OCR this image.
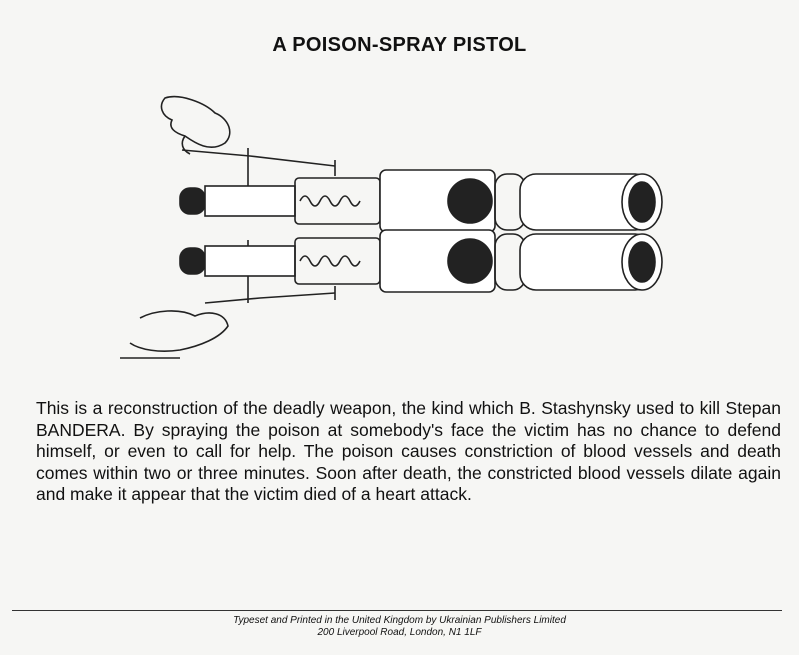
A POISON-SPRAY PISTOL
This is a reconstruction of the deadly weapon, the kind which B. Stashynsky used to kill Stepan BANDERA. By spraying the poison at somebody's face the victim has no chance to defend himself, or even to call for help. The poison causes constriction of blood vessels and death comes within two or three minutes. Soon after death, the constricted blood vessels dilate again and make it appear that the victim died of a heart attack.
Typeset and Printed in the United Kingdom by Ukrainian Publishers Limited
200 Liverpool Road, London, N1 1LF
